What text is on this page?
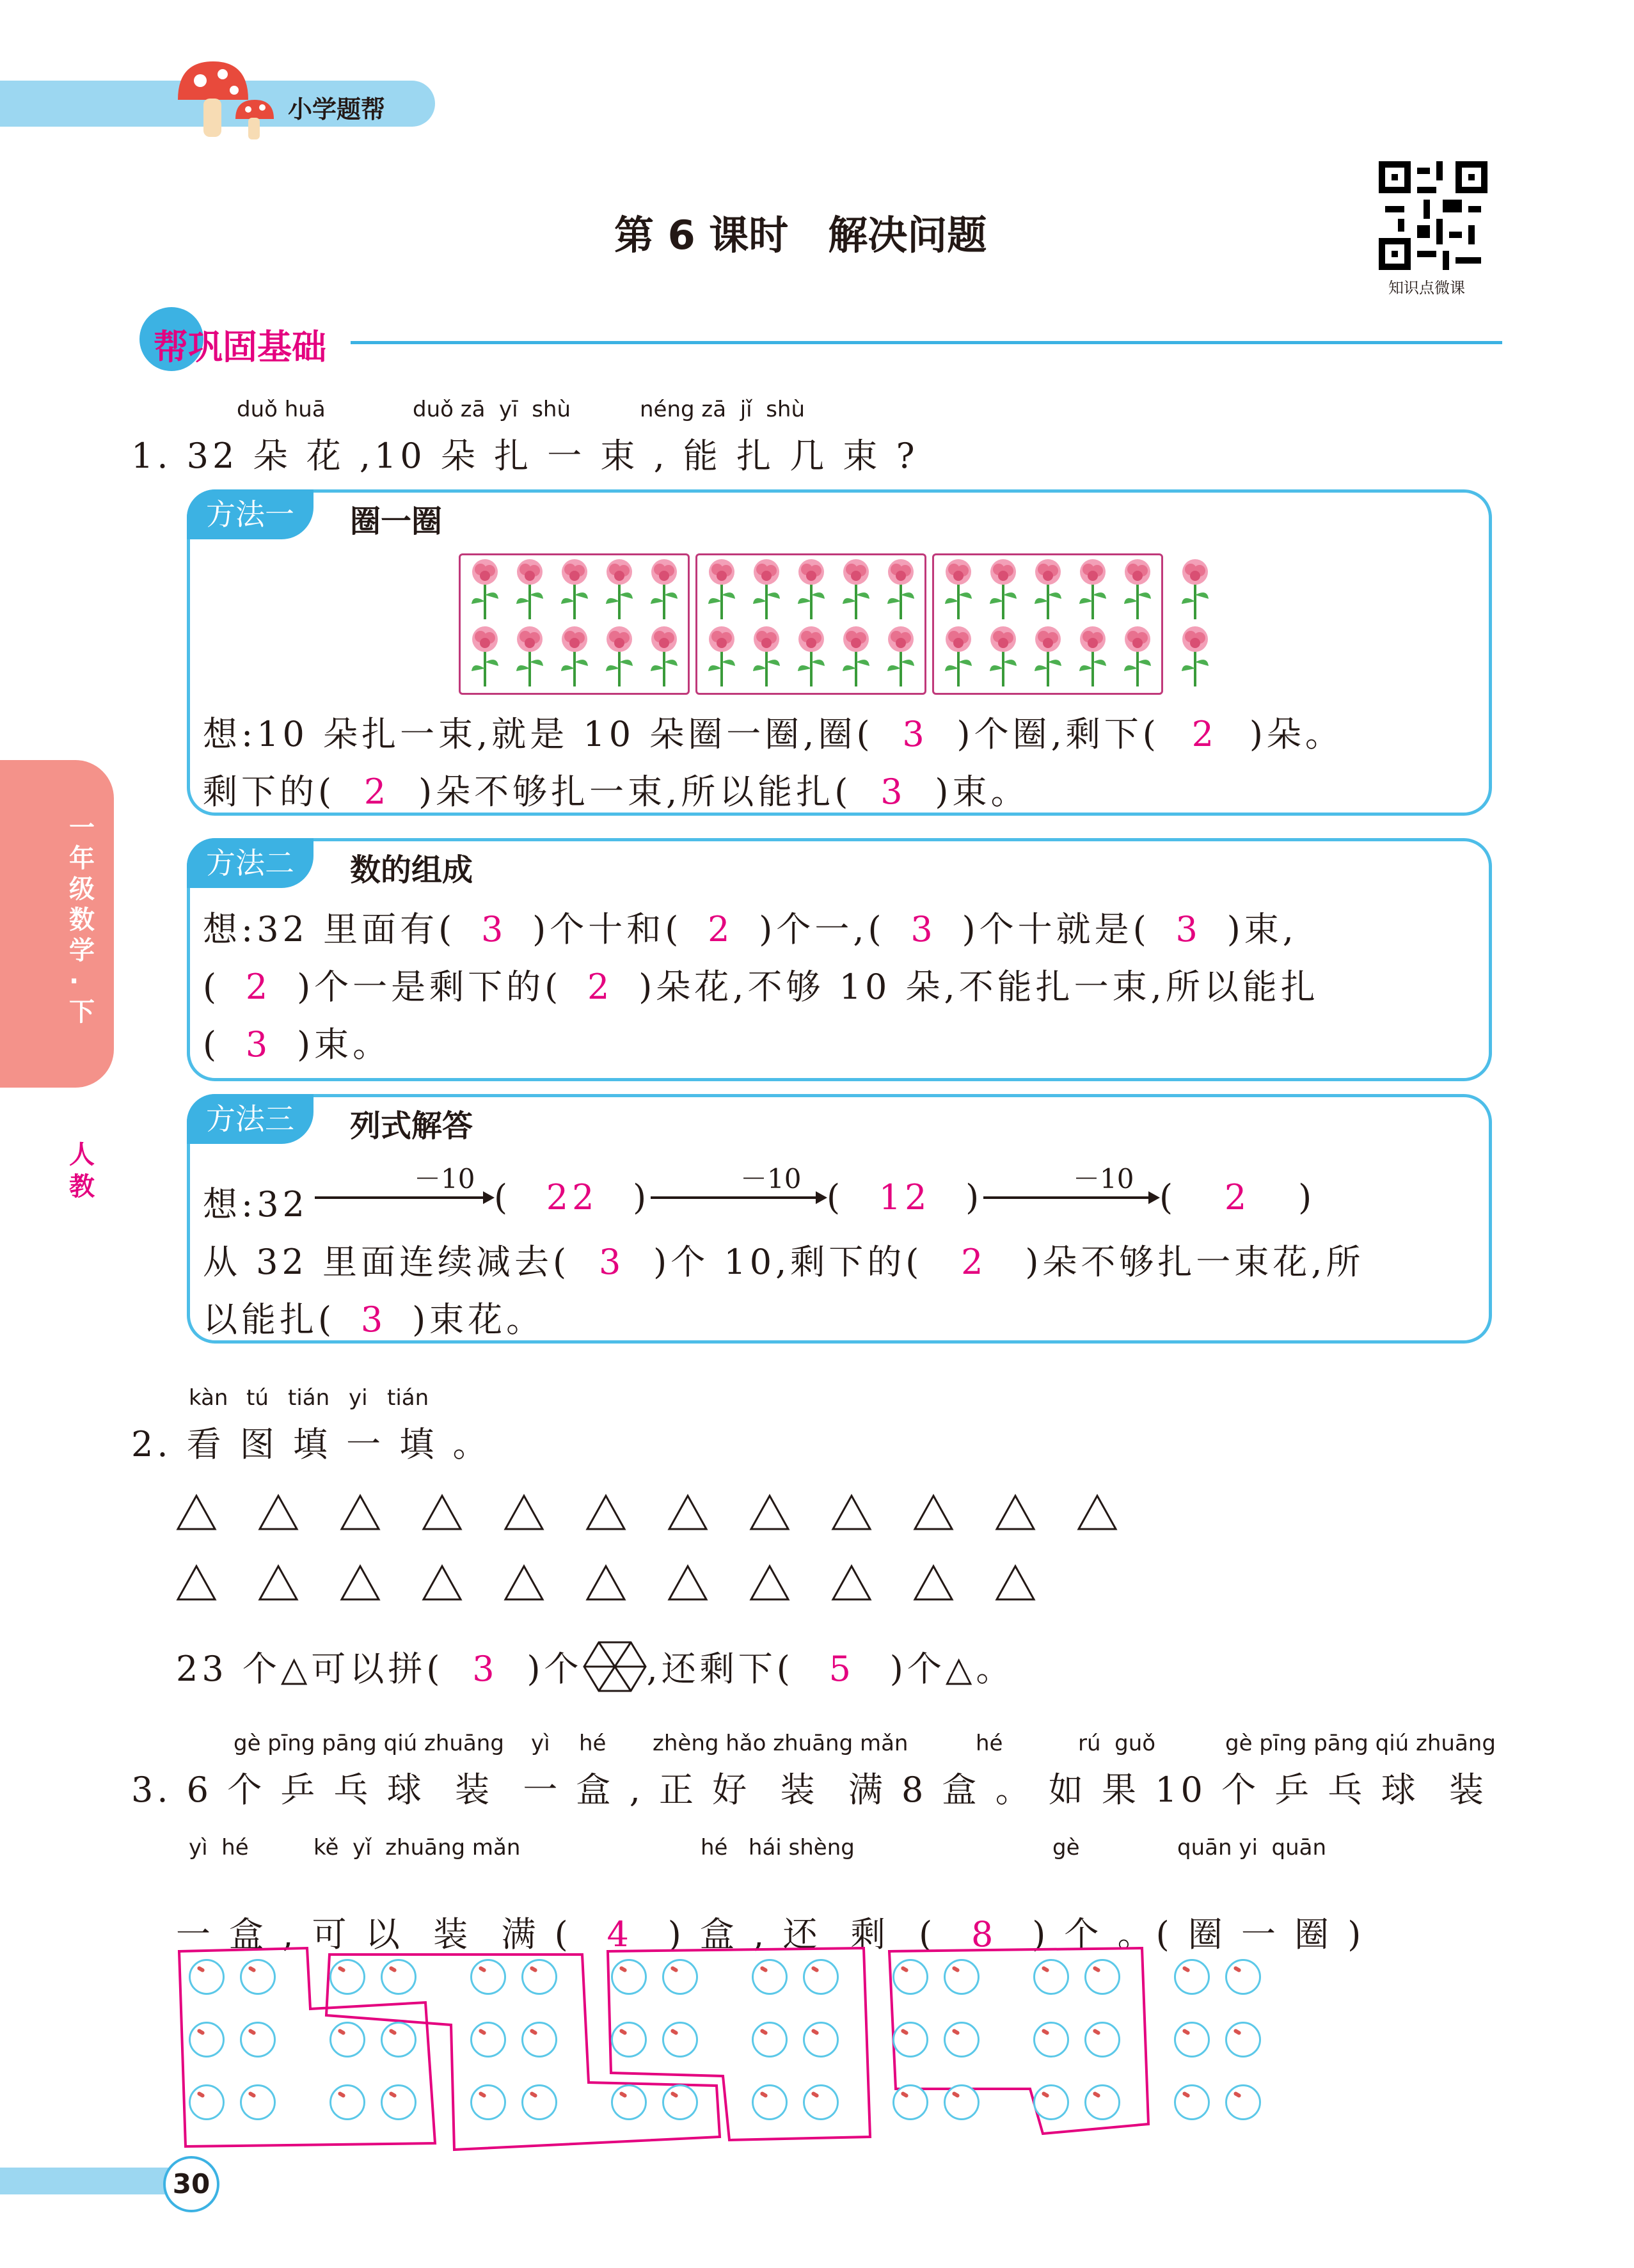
小学题帮
第 6 课时　解决问题
知识点微课
帮巩固基础
一年级数学·下
人教
duǒ huā	duǒ zā  yī  shù	néng zā  jǐ  shù
1. 32 朵 花 ,10 朵 扎 一 束 , 能 扎 几 束 ?
方法一	圈一圈
想:10 朵扎一束,就是 10 朵圈一圈,圈( 3 )个圈,剩下( 2 )朵。
剩下的( 2 )朵不够扎一束,所以能扎( 3 )束。
方法二	数的组成
想:32 里面有( 3 )个十和( 2 )个一,( 3 )个十就是( 3 )束,
( 2 )个一是剩下的( 2 )朵花,不够 10 朵,不能扎一束,所以能扎
( 3 )束。
方法三	列式解答
想:32
－10 ( 22 )	－10 ( 12 )	－10 ( 2 )
从 32 里面连续减去( 3 )个 10,剩下的( 2 )朵不够扎一束花,所
以能扎( 3 )束花。
kàn tú tián yi tián
2. 看 图 填 一 填 。
23 个△可以拼( 3 )个 ,还剩下( 5 )个△。
gè pīng pāng qiú zhuāng yì hé zhèng hǎo zhuāng mǎn	hé	rú  guǒ	gè pīng pāng qiú zhuāng
3. 6 个 乒 乓 球  装  一 盒 , 正 好  装  满 8 盒 。 如 果 10 个 乒 乓 球  装
yì  hé	kě  yǐ  zhuāng mǎn	hé   hái shèng	gè	quān yi  quān

一 盒 , 可 以  装  满 ( 4 ) 盒 , 还  剩  ( 8 ) 个 。( 圈 一 圈 )

30
